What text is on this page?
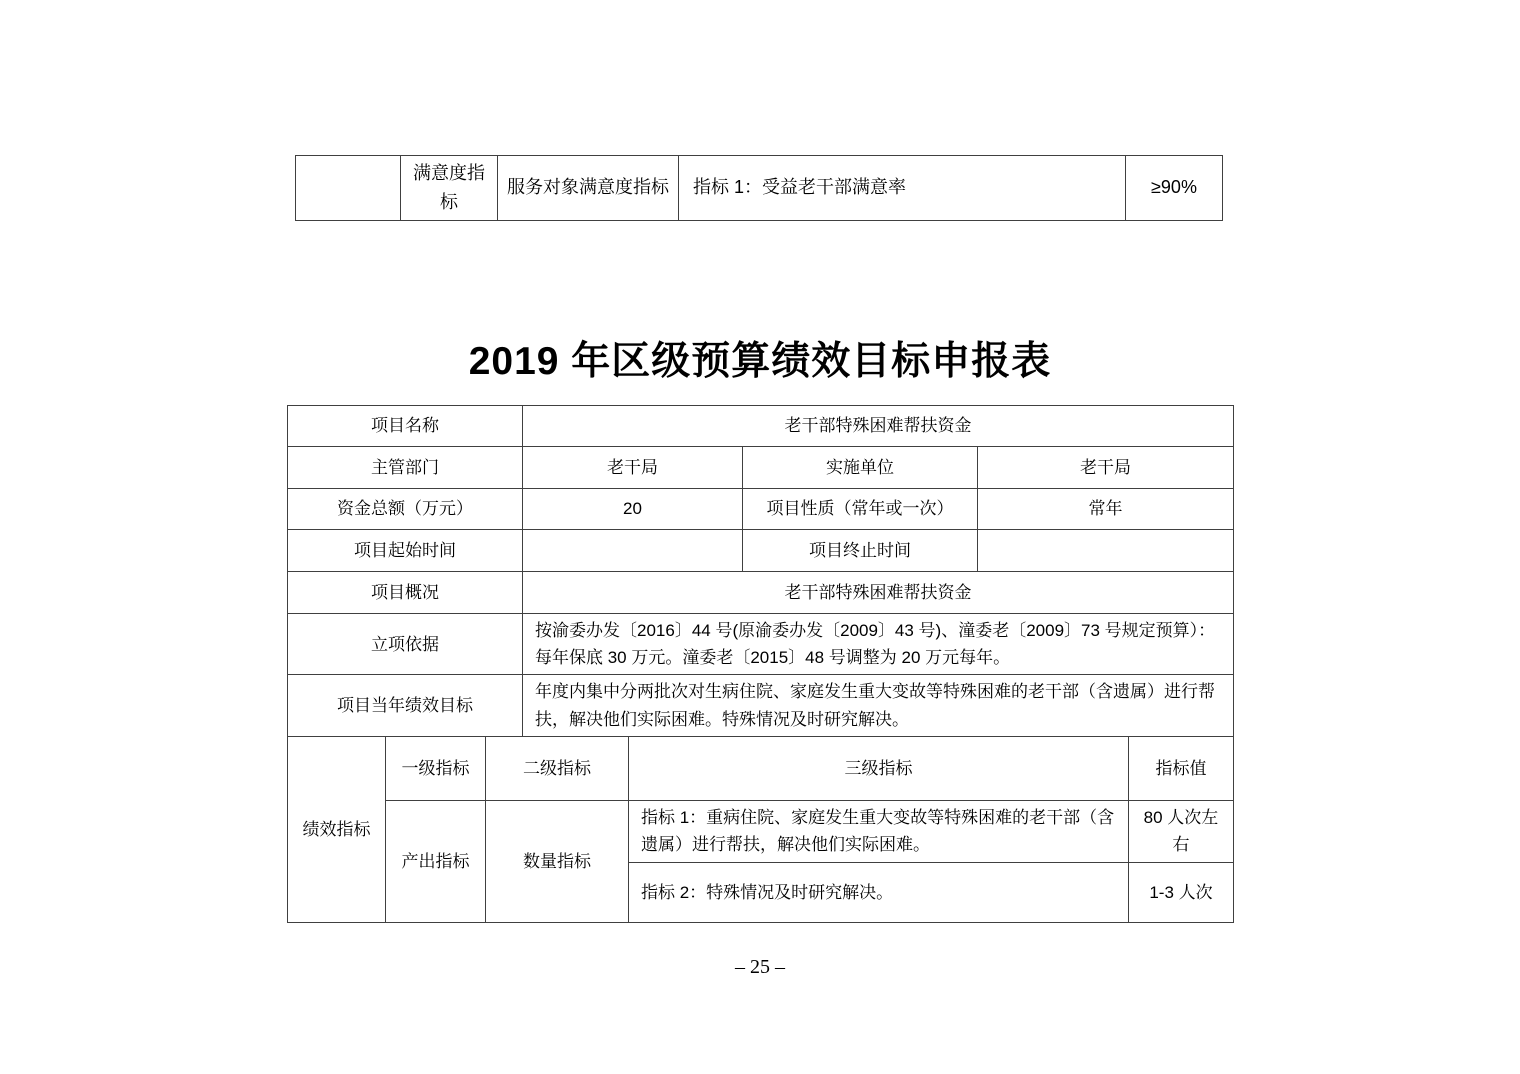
	满意度指标	服务对象满意度指标	指标 1：受益老干部满意率	≥90%
2019 年区级预算绩效目标申报表
项目名称	老干部特殊困难帮扶资金		
主管部门	老干局	实施单位	老干局
资金总额（万元）	20	项目性质（常年或一次）	常年
项目起始时间		项目终止时间	
项目概况	老干部特殊困难帮扶资金		
立项依据	按渝委办发〔2016〕44 号(原渝委办发〔2009〕43 号)、潼委老〔2009〕73 号规定预算）：每年保底 30 万元。潼委老〔2015〕48 号调整为 20 万元每年。		
项目当年绩效目标	年度内集中分两批次对生病住院、家庭发生重大变故等特殊困难的老干部（含遗属）进行帮扶，解决他们实际困难。特殊情况及时研究解决。		
绩效指标	一级指标	二级指标	三级指标	指标值
	产出指标	数量指标	指标 1：重病住院、家庭发生重大变故等特殊困难的老干部（含遗属）进行帮扶，解决他们实际困难。	80 人次左右
			指标 2：特殊情况及时研究解决。	1-3 人次
– 25 –
